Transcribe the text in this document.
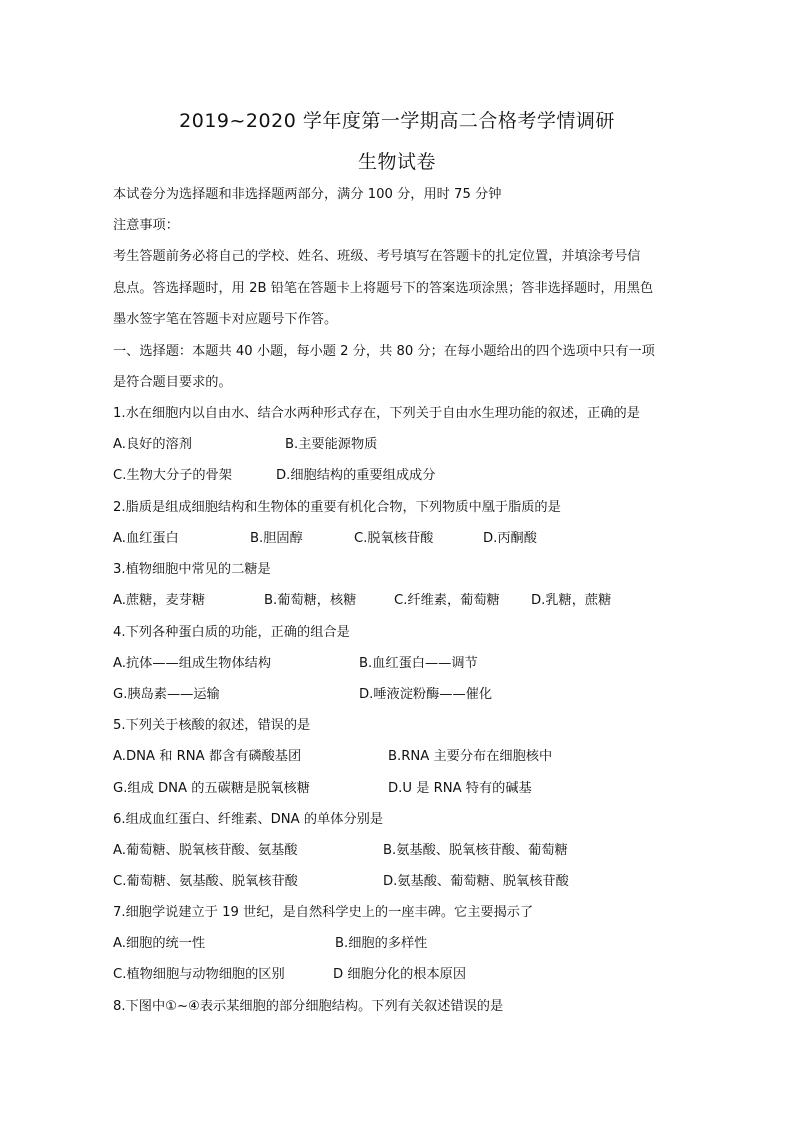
2019~2020 学年度第一学期高二合格考学情调研
生物试卷
本试卷分为选择题和非选择题两部分，满分 100 分，用时 75 分钟
注意事项：
考生答题前务必将自己的学校、姓名、班级、考号填写在答题卡的扎定位置，并填涂考号信
息点。答选择题时，用 2B 铅笔在答题卡上将题号下的答案选项涂黑；答非选择题时，用黑色
墨水签字笔在答题卡对应题号下作答。
一、选择题：本题共 40 小题，每小题 2 分，共 80 分；在每小题给出的四个选项中只有一项
是符合题目要求的。
1.水在细胞内以自由水、结合水两种形式存在，下列关于自由水生理功能的叙述，正确的是
A.良好的溶剂	B.主要能源物质
C.生物大分子的骨架	D.细胞结构的重要组成成分
2.脂质是组成细胞结构和生物体的重要有机化合物，下列物质中凰于脂质的是
A.血红蛋白	B.胆固醇	C.脱氧核苷酸	D.丙酮酸
3.植物细胞中常见的二糖是
A.蔗糖，麦芽糖	B.葡萄糖，核糖	C.纤维素，葡萄糖 D.乳糖，蔗糖
4.下列各种蛋白质的功能，正确的组合是
A.抗体——组成生物体结构	B.血红蛋白——调节
G.胰岛素——运输	D.唾液淀粉酶——催化
5.下列关于核酸的叙述，错误的是
A.DNA 和 RNA 都含有磷酸基团	B.RNA 主要分布在细胞核中
G.组成 DNA 的五碳糖是脱氧核糖	D.U 是 RNA 特有的碱基
6.组成血红蛋白、纤维素、DNA 的单体分别是
A.葡萄糖、脱氧核苷酸、氨基酸	B.氨基酸、脱氧核苷酸、葡萄糖
C.葡萄糖、氨基酸、脱氧核苷酸	D.氨基酸、葡萄糖、脱氧核苷酸
7.细胞学说建立于 19 世纪，是自然科学史上的一座丰碑。它主要揭示了
A.细胞的统一性	B.细胞的多样性
C.植物细胞与动物细胞的区别	D 细胞分化的根本原因
8.下图中①~④表示某细胞的部分细胞结构。下列有关叙述错误的是
